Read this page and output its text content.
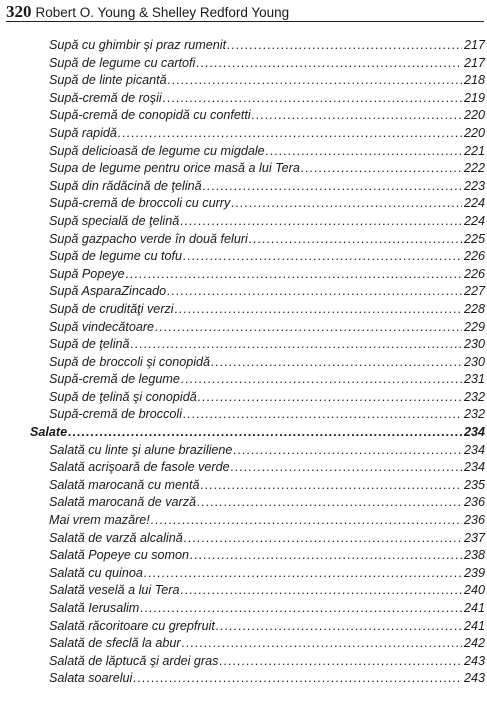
320 Robert O. Young & Shelley Redford Young
Supă cu ghimbir şi praz rumenit .....	217
Supă de legume cu cartofi .....	217
Supă de linte picantă .....	218
Supă-cremă de roşii .....	219
Supă-cremă de conopidă cu confetti .....	220
Supă rapidă .....	220
Supă delicioasă de legume cu migdale .....	221
Supa de legume pentru orice masă a lui Tera .....	222
Supă din rădăcină de ţelină .....	223
Supă-cremă de broccoli cu curry .....	224
Supă specială de ţelină .....	224
Supă gazpacho verde în două feluri .....	225
Supă de legume cu tofu .....	226
Supă Popeye .....	226
Supă AsparaZincado .....	227
Supă de crudităţi verzi .....	228
Supă vindecătoare .....	229
Supă de ţelină .....	230
Supă de broccoli şi conopidă .....	230
Supă-cremă de legume .....	231
Supă de ţelină şi conopidă .....	232
Supă-cremă de broccoli .....	232
Salate .....	234
Salată cu linte şi alune braziliene .....	234
Salată acrişoară de fasole verde .....	234
Salată marocană cu mentă .....	235
Salată marocană de varză .....	236
Mai vrem mazăre! .....	236
Salată de varză alcalină .....	237
Salată Popeye cu somon .....	238
Salată cu quinoa .....	239
Salată veselă a lui Tera .....	240
Salată Ierusalim .....	241
Salată răcoritoare cu grepfruit .....	241
Salată de sfeclă la abur .....	242
Salată de lăptucă şi ardei gras .....	243
Salata soarelui .....	243
